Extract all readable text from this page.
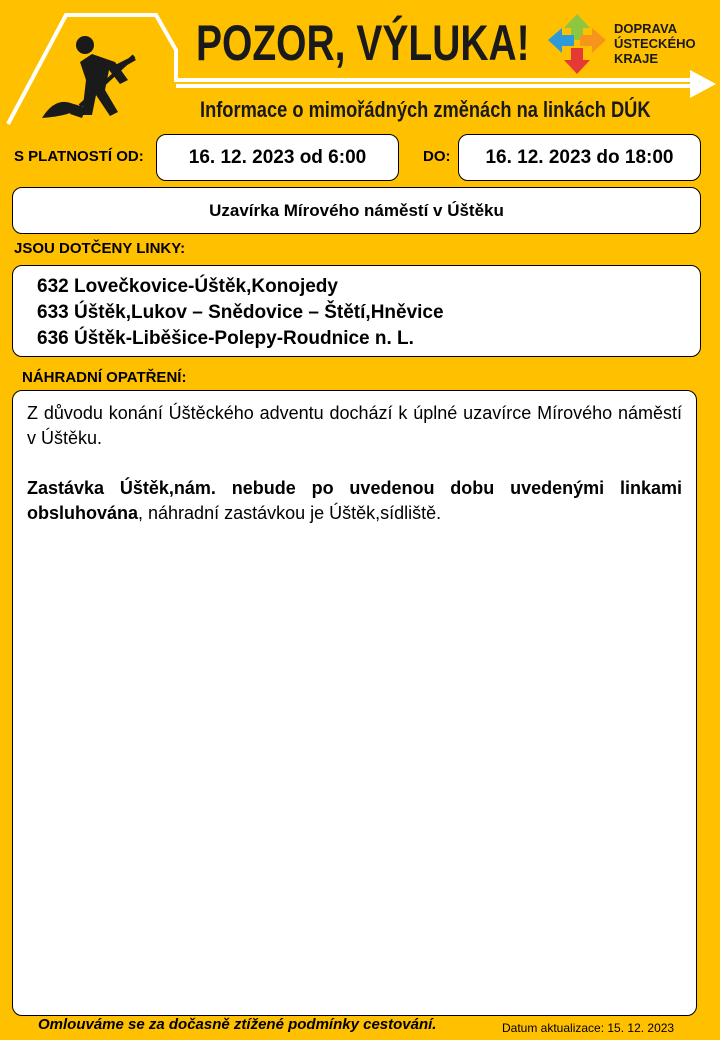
POZOR, VÝLUKA!	DOPRAVA
ÚSTECKÉHO
KRAJE
Informace o mimořádných změnách na linkách DÚK
S PLATNOSTÍ OD:	16. 12. 2023 od 6:00	DO:	16. 12. 2023 do 18:00
Uzavírka Mírového náměstí v Úštěku
JSOU DOTČENY LINKY:
632 Lovečkovice-Úštěk,Konojedy
633 Úštěk,Lukov – Snědovice – Štětí,Hněvice
636 Úštěk-Liběšice-Polepy-Roudnice n. L.
NÁHRADNÍ OPATŘENÍ:

Z důvodu konání Úštěckého adventu dochází k úplné uzavírce Mírového náměstí v Úštěku.

Zastávka Úštěk,nám. nebude po uvedenou dobu uvedenými linkami obsluhována, náhradní zastávkou je Úštěk,sídliště.

Omlouváme se za dočasně ztížené podmínky cestování.	Datum aktualizace: 15. 12. 2023
